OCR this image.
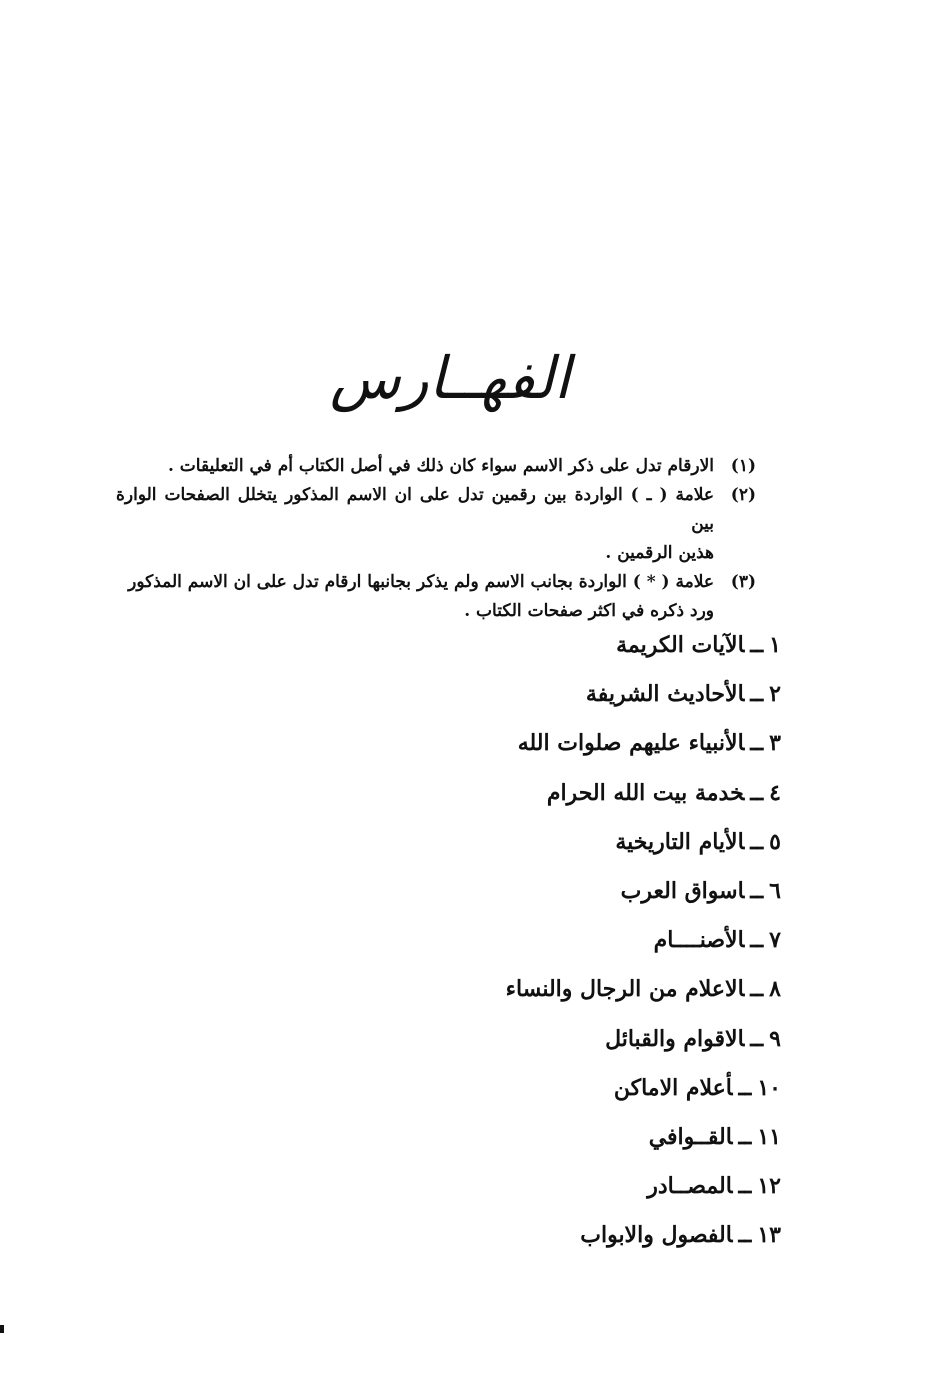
الفهــارس
(١)
الارقام تدل على ذكر الاسم سواء كان ذلك في أصل الكتاب أم في التعليقات .
(٢)
علامة ( ـ ) الواردة بين رقمين تدل على ان الاسم المذكور يتخلل الصفحات الوارة بين
هذين الرقمين .
(٣)
علامة ( * ) الواردة بجانب الاسم ولم يذكر بجانبها ارقام تدل على ان الاسم المذكور
ورد ذكره في اكثر صفحات الكتاب .
١ــالآيات الكريمة
٢ــالأحاديث الشريفة
٣ــالأنبياء عليهم صلوات الله
٤ــخدمة بيت الله الحرام
٥ــالأيام التاريخية
٦ــاسواق العرب
٧ــالأصنــــام
٨ــالاعلام من الرجال والنساء
٩ــالاقوام والقبائل
١٠ــأعلام الاماكن
١١ــالقــوافي
١٢ــالمصــادر
١٣ــالفصول والابواب
